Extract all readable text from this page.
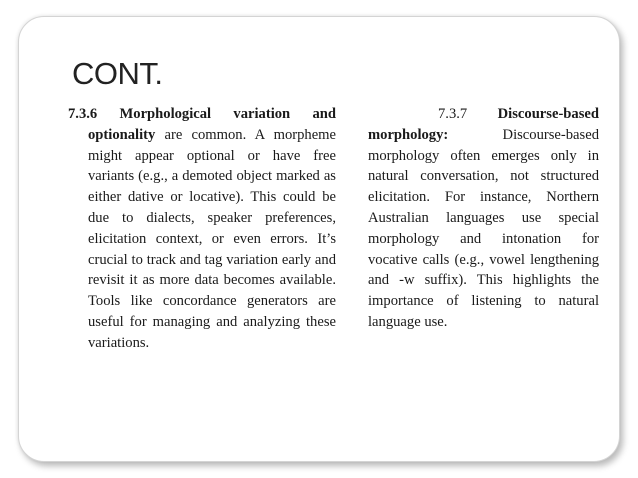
CONT.

7.3.6 Morphological variation and optionality are common. A morpheme might appear optional or have free variants (e.g., a demoted object marked as either dative or locative). This could be due to dialects, speaker preferences, elicitation context, or even errors. It’s crucial to track and tag variation early and revisit it as more data becomes available. Tools like concordance generators are useful for managing and analyzing these variations.

7.3.7 Discourse-based morphology: Discourse-based morphology often emerges only in natural conversation, not structured elicitation. For instance, Northern Australian languages use special morphology and intonation for vocative calls (e.g., vowel lengthening and -w suffix). This highlights the importance of listening to natural language use.
